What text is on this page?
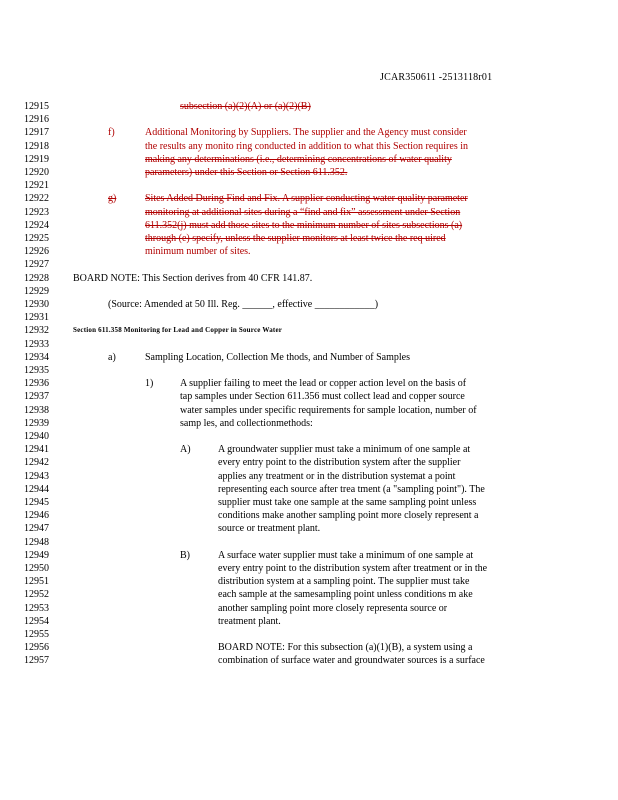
JCAR350611 -2513118r01
12915	subsection (a)(2)(A) or (a)(2)(B)
12916
12917	f)	Additional Monitoring by Suppliers. The supplier and the Agency must consider
12918	the results any monito ring conducted in addition to what this Section requires in
12919	making any determinations (i.e., determining concentrations of water quality
12920	parameters) under this Section or Section 611.352.
12921
12922	g)	Sites Added During Find and Fix. A supplier conducting water quality parameter
12923	monitoring at additional sites during a “find and fix” assessment under Section
12924	611.352(j) must add those sites to the minimum number of sites subsections (a)
12925	through (e) specify, unless the supplier monitors at least twice the req uired
12926	minimum number of sites.
12927
12928	BOARD NOTE: This Section derives from 40 CFR 141.87.
12929
12930	(Source: Amended at 50 Ill. Reg. ______, effective ____________)
12931
12932	Section 611.358 Monitoring for Lead and Copper in Source Water
12933
12934	a)	Sampling Location, Collection Me thods, and Number of Samples
12935
12936	1)	A supplier failing to meet the lead or copper action level on the basis of
12937	tap samples under Section 611.356 must collect lead and copper source
12938	water samples under specific requirements for sample location, number of
12939	samp les, and collectionmethods:
12940
12941	A)	A groundwater supplier must take a minimum of one sample at
12942	every entry point to the distribution system after the supplier
12943	applies any treatment or in the distribution systemat a point
12944	representing each source after trea tment (a "sampling point"). The
12945	supplier must take one sample at the same sampling point unless
12946	conditions make another sampling point more closely represent a
12947	source or treatment plant.
12948
12949	B)	A surface water supplier must take a minimum of one sample at
12950	every entry point to the distribution system after treatment or in the
12951	distribution system at a sampling point. The supplier must take
12952	each sample at the samesampling point unless conditions m ake
12953	another sampling point more closely representa source or
12954	treatment plant.
12955
12956	BOARD NOTE: For this subsection (a)(1)(B), a system using a
12957	combination of surface water and groundwater sources is a surface
